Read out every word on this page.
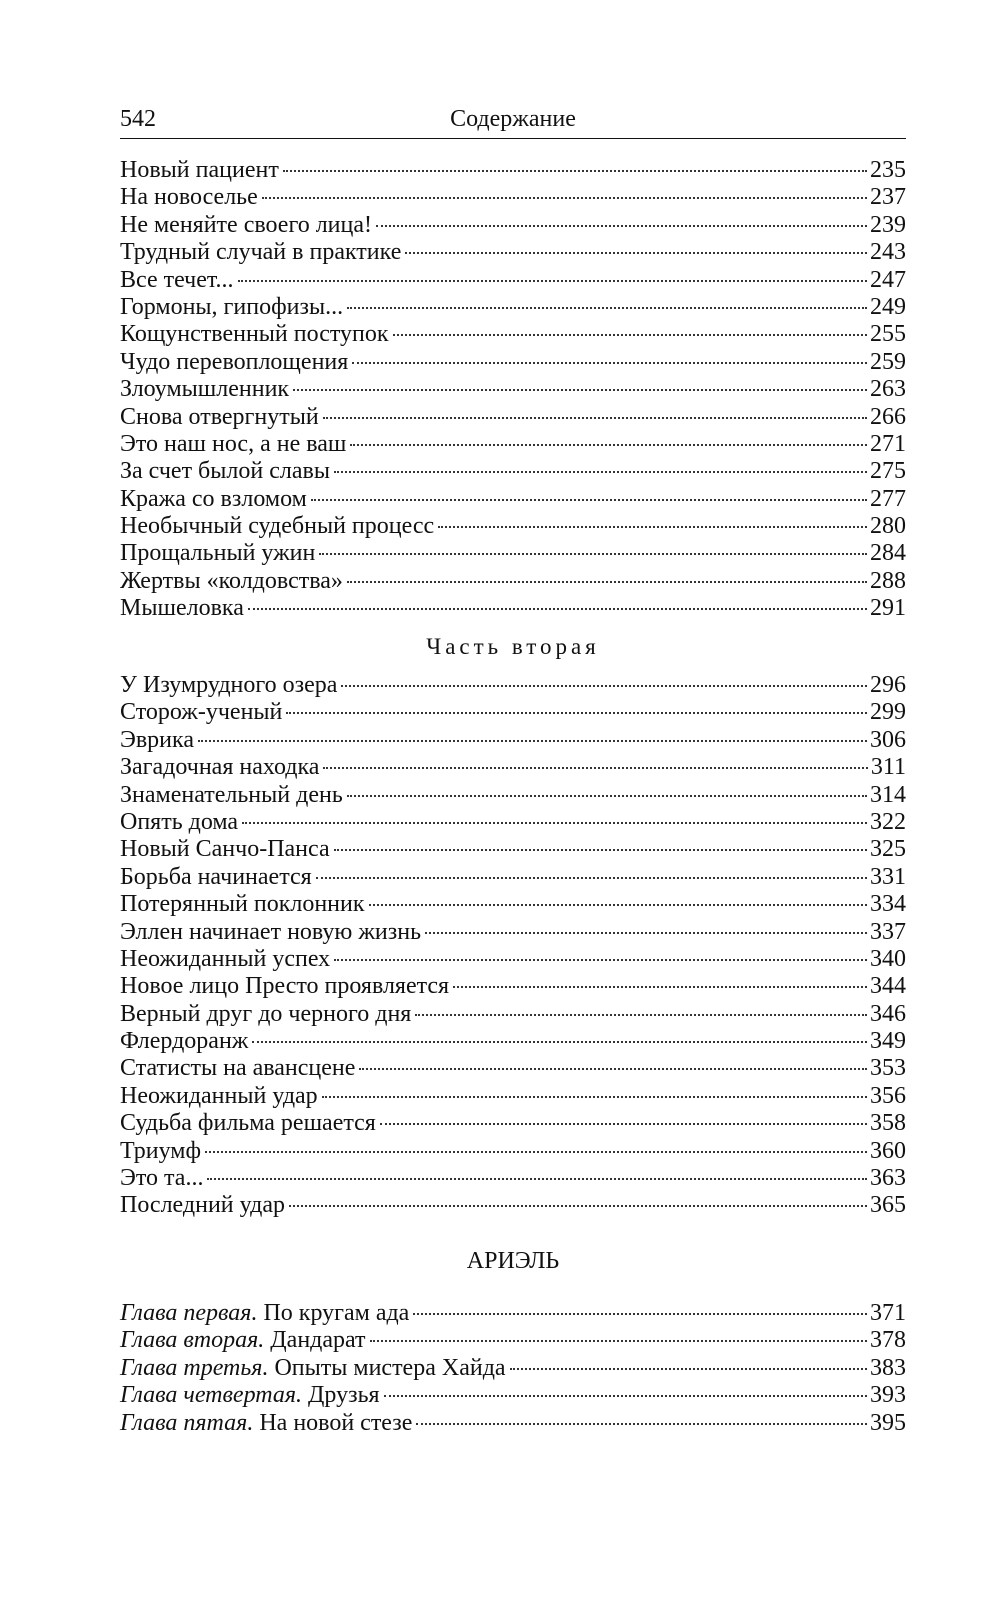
542	Содержание
Новый пациент	235
На новоселье	237
Не меняйте своего лица!	239
Трудный случай в практике	243
Все течет...	247
Гормоны, гипофизы...	249
Кощунственный поступок	255
Чудо перевоплощения	259
Злоумышленник	263
Снова отвергнутый	266
Это наш нос, а не ваш	271
За счет былой славы	275
Кража со взломом	277
Необычный судебный процесс	280
Прощальный ужин	284
Жертвы «колдовства»	288
Мышеловка	291
Часть вторая
У Изумрудного озера	296
Сторож-ученый	299
Эврика	306
Загадочная находка	311
Знаменательный день	314
Опять дома	322
Новый Санчо-Панса	325
Борьба начинается	331
Потерянный поклонник	334
Эллен начинает новую жизнь	337
Неожиданный успех	340
Новое лицо Престо проявляется	344
Верный друг до черного дня	346
Флердоранж	349
Статисты на авансцене	353
Неожиданный удар	356
Судьба фильма решается	358
Триумф	360
Это та...	363
Последний удар	365
АРИЭЛЬ
Глава первая. По кругам ада	371
Глава вторая. Дандарат	378
Глава третья. Опыты мистера Хайда	383
Глава четвертая. Друзья	393
Глава пятая. На новой стезе	395
